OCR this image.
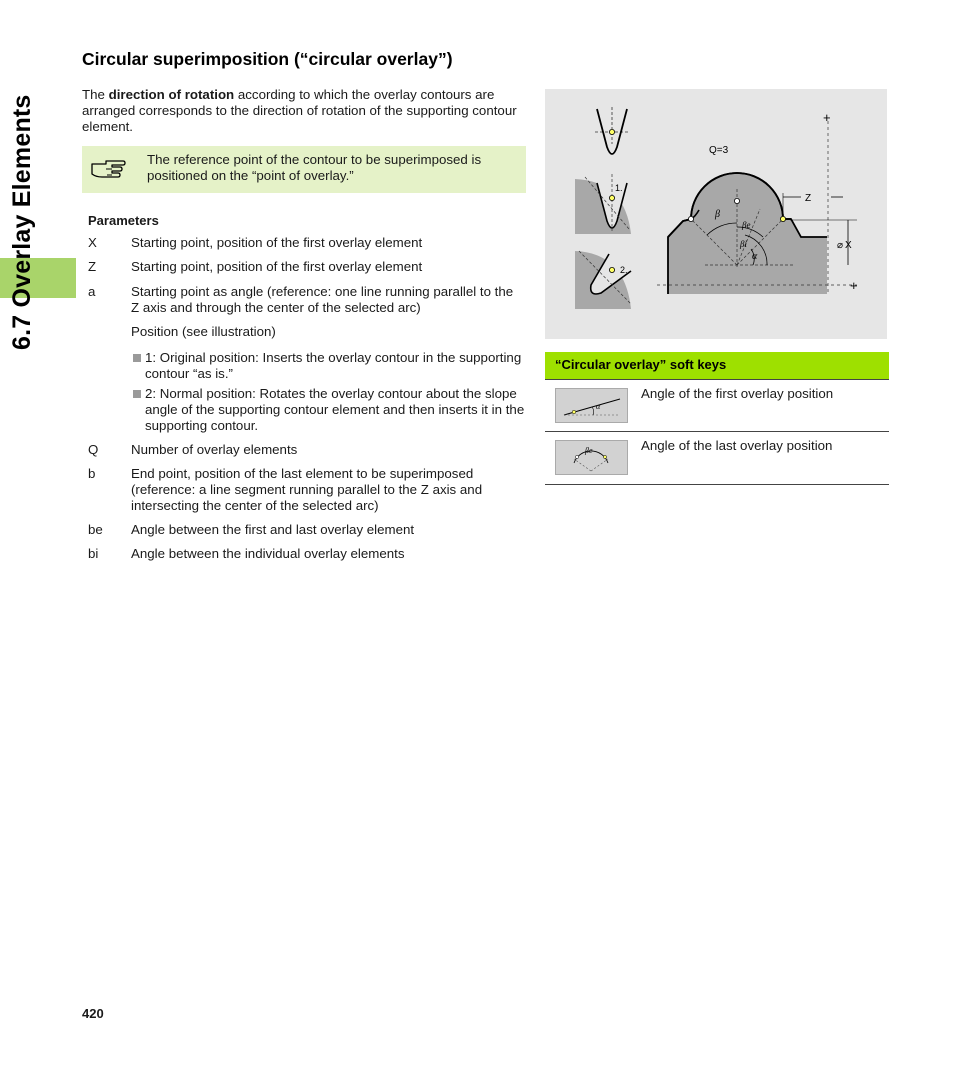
6.7 Overlay Elements
Circular superimposition (“circular overlay”)

The direction of rotation according to which the overlay contours are arranged corresponds to the direction of rotation of the supporting contour element.

The reference point of the contour to be superimposed is positioned on the “point of overlay.”
Parameters
X	Starting point, position of the first overlay element
Z	Starting point, position of the first overlay element
a	Starting point as angle (reference: one line running parallel to the Z axis and through the center of the selected arc)
Position (see illustration)
1: Original position: Inserts the overlay contour in the supporting contour “as is.”
2: Normal position: Rotates the overlay contour about the slope angle of the supporting contour element and then inserts it in the supporting contour.
Q	Number of overlay elements
b	End point, position of the last element to be superimposed (reference: a line segment running parallel to the Z axis and intersecting the center of the selected arc)
be	Angle between the first and last overlay element
bi	Angle between the individual overlay elements
1.
2.
Q=3
β
βe
βi
α
+
+
Z
⌀ X
“Circular overlay” soft keys
α
Angle of the first overlay position
βe	Angle of the last overlay position
420
